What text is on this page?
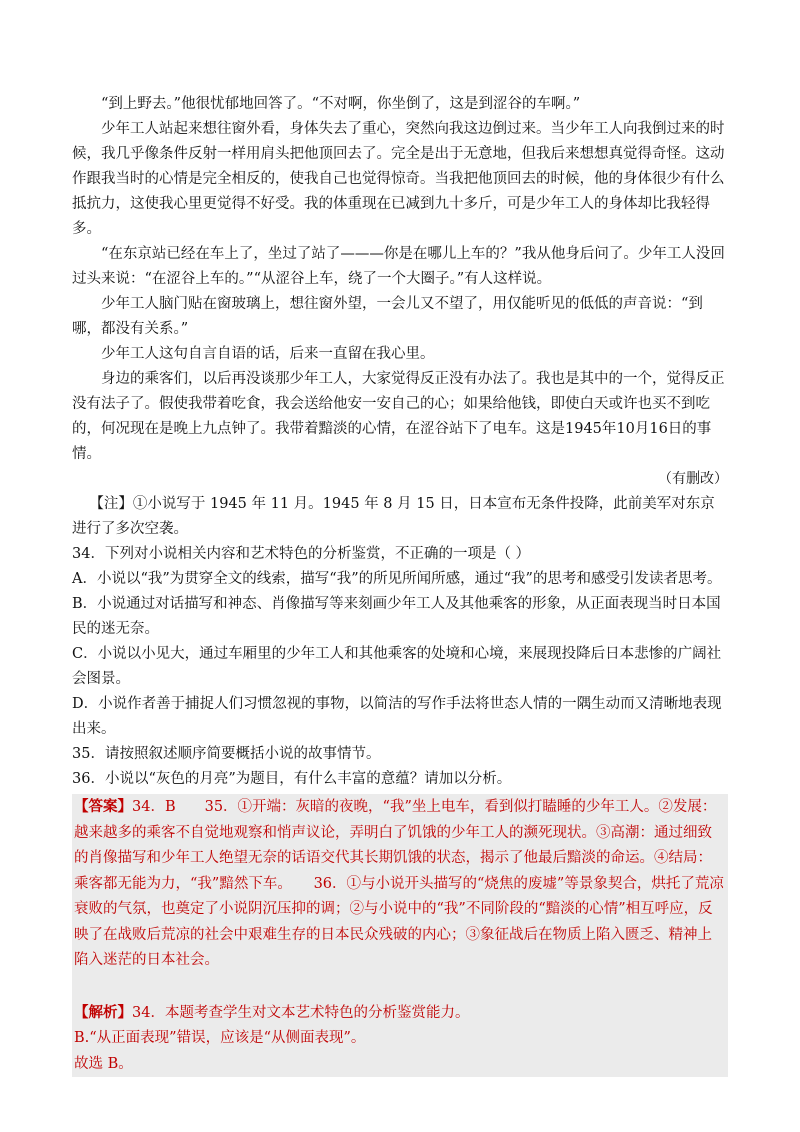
“到上野去。”他很忧郁地回答了。“不对啊，你坐倒了，这是到涩谷的车啊。”

少年工人站起来想往窗外看，身体失去了重心，突然向我这边倒过来。当少年工人向我倒过来的时候，我几乎像条件反射一样用肩头把他顶回去了。完全是出于无意地，但我后来想想真觉得奇怪。这动作跟我当时的心情是完全相反的，使我自己也觉得惊奇。当我把他顶回去的时候，他的身体很少有什么抵抗力，这使我心里更觉得不好受。我的体重现在已减到九十多斤，可是少年工人的身体却比我轻得多。

“在东京站已经在车上了，坐过了站了———你是在哪儿上车的？”我从他身后问了。少年工人没回过头来说：“在涩谷上车的。”“从涩谷上车，绕了一个大圈子。”有人这样说。

少年工人脑门贴在窗玻璃上，想往窗外望，一会儿又不望了，用仅能听见的低低的声音说：“到哪，都没有关系。”

少年工人这句自言自语的话，后来一直留在我心里。

身边的乘客们，以后再没谈那少年工人，大家觉得反正没有办法了。我也是其中的一个，觉得反正没有法子了。假使我带着吃食，我会送给他安一安自己的心；如果给他钱，即使白天或许也买不到吃的，何况现在是晚上九点钟了。我带着黯淡的心情，在涩谷站下了电车。这是1945年10月16日的事情。

（有删改）

【注】①小说写于 1945 年 11 月。1945 年 8 月 15 日，日本宣布无条件投降，此前美军对东京进行了多次空袭。

34．下列对小说相关内容和艺术特色的分析鉴赏，不正确的一项是（ ）

A．小说以“我”为贯穿全文的线索，描写“我”的所见所闻所感，通过“我”的思考和感受引发读者思考。

B．小说通过对话描写和神态、肖像描写等来刻画少年工人及其他乘客的形象，从正面表现当时日本国民的迷无奈。

C．小说以小见大，通过车厢里的少年工人和其他乘客的处境和心境，来展现投降后日本悲惨的广阔社会图景。

D．小说作者善于捕捉人们习惯忽视的事物，以简洁的写作手法将世态人情的一隅生动而又清晰地表现出来。

35．请按照叙述顺序简要概括小说的故事情节。

36．小说以“灰色的月亮”为题目，有什么丰富的意蕴？请加以分析。

【答案】34．B　　35．①开端：灰暗的夜晚，“我”坐上电车，看到似打瞌睡的少年工人。②发展：越来越多的乘客不自觉地观察和悄声议论，弄明白了饥饿的少年工人的濒死现状。③高潮：通过细致的肖像描写和少年工人绝望无奈的话语交代其长期饥饿的状态，揭示了他最后黯淡的命运。④结局：乘客都无能为力，“我”黯然下车。　　36．①与小说开头描写的“烧焦的废墟”等景象契合，烘托了荒凉衰败的气氛，也奠定了小说阴沉压抑的调；②与小说中的“我”不同阶段的“黯淡的心情”相互呼应，反映了在战败后荒凉的社会中艰难生存的日本民众残破的内心；③象征战后在物质上陷入匮乏、精神上陷入迷茫的日本社会。

【解析】34．本题考查学生对文本艺术特色的分析鉴赏能力。

B.“从正面表现”错误，应该是“从侧面表现”。

故选 B。
